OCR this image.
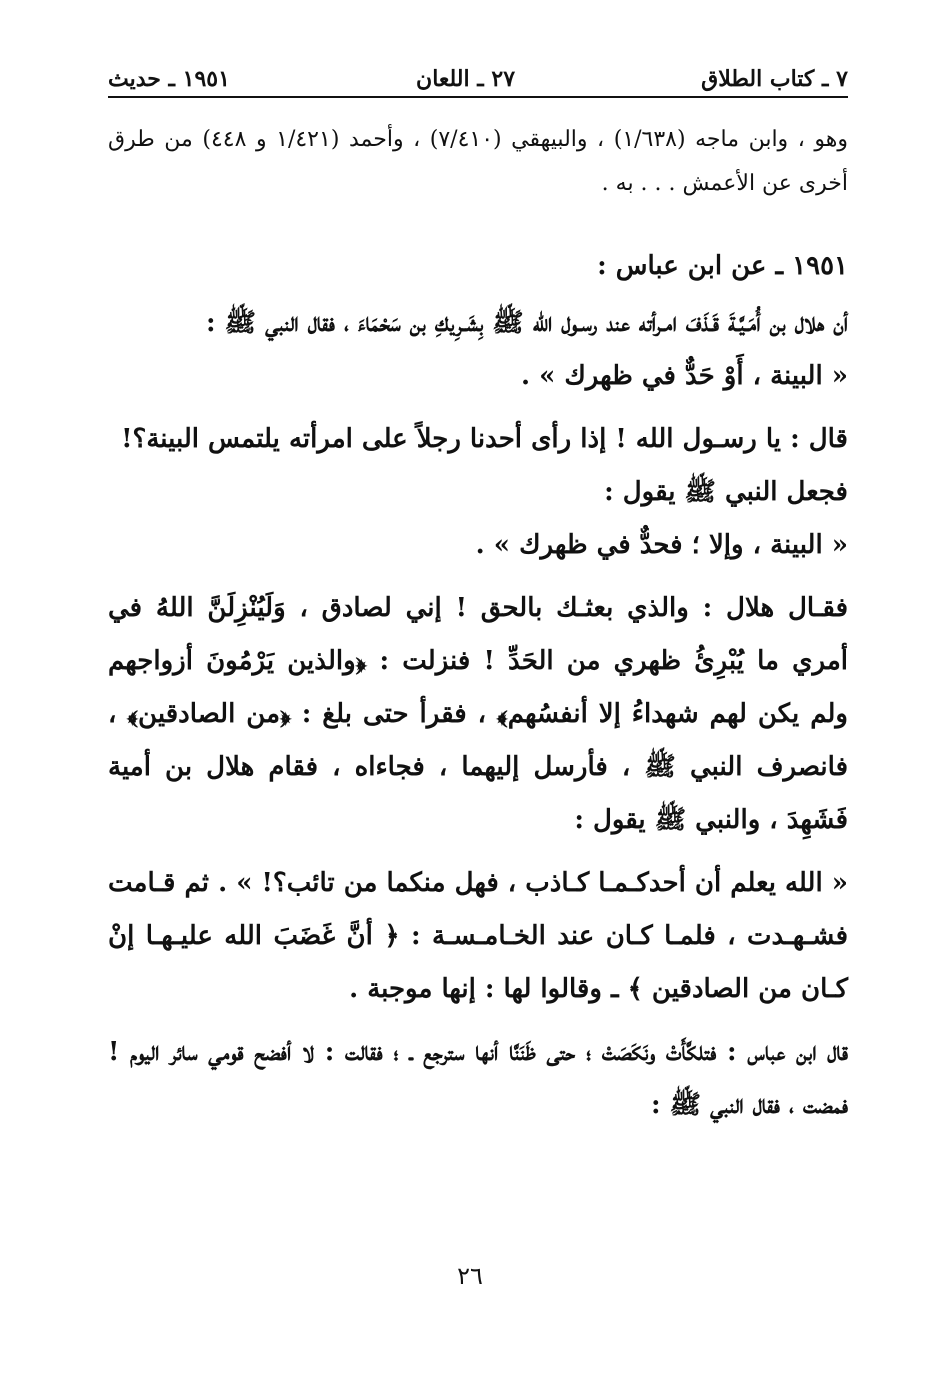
٧ ـ كتاب الطلاق
٢٧ ـ اللعان
١٩٥١ ـ حديث

وهو ، وابن ماجه (١/٦٣٨) ، والبيهقي (٧/٤١٠) ، وأحمد (١/٤٢١ و ٤٤٨) من طرق أخرى عن الأعمش . . . به .

١٩٥١ ـ عن ابن عباس :

أن هلال بن أُمَـيَّـةَ قَـذَفَ امـرأته عند رسـول الله ﷺ بِشَـرِيكِ بن سَحْمَاءَ ، فقال النبي ﷺ :

« البينة ، أَوْ حَدٌّ في ظهرك » .

قال : يا رسـول الله ! إذا رأى أحدنا رجلاً على امرأته يلتمس البينة؟!

فجعل النبي ﷺ يقول :

« البينة ، وإلا ؛ فحدٌّ في ظهرك » .

فقـال هلال : والذي بعثـك بالحق ! إني لصادق ، وَلَيُنْزِلَنَّ اللهُ في أمري ما يُبْرِئُ ظهري من الحَدِّ ! فنزلت : ﴿والذين يَرْمُونَ أزواجهم ولم يكن لهم شهداءُ إلا أنفسُهم﴾ ، فقرأ حتى بلغ : ﴿من الصادقين﴾ ، فانصرف النبي ﷺ ، فأرسل إليهما ، فجاءاه ، فقام هلال بن أمية فَشَهِدَ ، والنبي ﷺ يقول :

« الله يعلم أن أحدكـمـا كـاذب ، فهل منكما من تائب؟! » . ثم قـامت فشـهـدت ، فلمـا كـان عند الخـامـسـة : ﴿ أنَّ غَضَبَ الله عليـهـا إنْ كـان من الصادقين ﴾ ـ وقالوا لها : إنها موجبة .

قال ابن عباس : فتلكَّأَتْ ونَكَصَتْ ؛ حتى ظَنَنَّا أنها سترجع ـ ؛ فقالت : لا أفضح قومي سائر اليوم ! فمضت ، فقال النبي ﷺ :

٢٦
